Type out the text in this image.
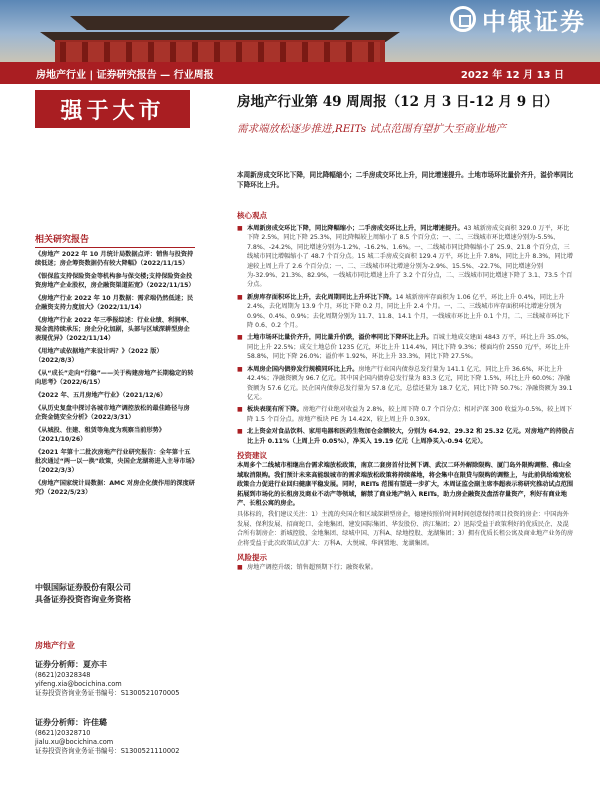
中银证券
房地产行业 | 证券研究报告 — 行业周报	2022 年 12 月 13 日
强于大市
相关研究报告
《房地产 2022 年 10 月统计局数据点评：销售与投资持续低迷；房企筹资数据仍有较大降幅》（2022/11/15）
《银保监支持保险资金等机构参与保交楼;支持保险资金投资房地产企业股权，房企融资渠道拓宽》（2022/11/15）
《房地产行业 2022 年 10 月数据：需求端仍然低迷；民企融资支持力度加大》（2022/11/14）
《房地产行业 2022 年三季报综述：行业业绩、利润率、现金流持续承压；房企分化加剧，头部与区域深耕型房企表现优异》（2022/11/14）
《用地产或依据地产来设计吗？》（2022 版）（2022/8/3）
《从“成长”走向“行稳”——关于构建房地产长期稳定的转向思考》（2022/6/15）
《2022 年、五月房地产行业》（2021/12/6）
《从历史复盘中探讨各城市地产调控放松的最佳路径与房企资金链安全分析》（2022/3/31）
《从城投、住建、租赁等角度为观察当前形势》（2021/10/26）
《2021 年第十二批次房地产行业研究报告：全年第十五批次通过“两一以一换”政策，央国企龙湖将进入主导市场》（2022/3/3）
《房地产国家统计局数据：AMC 对房企化债作用的深度研究》（2022/5/23）
中银国际证券股份有限公司
具备证券投资咨询业务资格
房地产行业
证券分析师：夏亦丰
(8621)20328348
yifeng.xia@bocichina.com
证券投资咨询业务证书编号：S1300521070005
证券分析师：许佳璐
(8621)20328710
jialu.xu@bocichina.com
证券投资咨询业务证书编号：S1300521110002
房地产行业第 49 周周报（12 月 3 日-12 月 9 日）
需求端放松逐步推进,REITs 试点范围有望扩大至商业地产
本周新房成交环比下降，同比降幅缩小；二手房成交环比上升，同比增速提升。土地市场环比量价齐升，溢价率同比下降环比上升。
核心观点
■ 本周新房成交环比下降，同比降幅缩小；二手房成交环比上升，同比增速提升。43 城新房成交面积 329.0 万平，环比下降 2.5%，同比下降 25.3%，同比降幅较上周缩小了 8.5 个百分点；一、二、三线城市环比增速分别为-5.5%、7.8%、-24.2%，同比增速分别为-1.2%、-16.2%、1.6%。一、二线城市同比降幅缩小了 25.9、21.8 个百分点，三线城市同比增幅缩小了 48.7 个百分点。15 城二手房成交面积 129.4 万平，环比上升 7.8%，同比上升 8.3%，同比增速较上周上升了 2.6 个百分点；一、二、三线城市环比增速分别为-2.9%、15.5%、-22.7%，同比增速分别为-32.9%、21.3%、82.9%，一线城市同比增速上升了 3.2 个百分点，二、三线城市同比增速下降了 3.1、73.5 个百分点。
■ 新房库存面积环比上升，去化周期同比上升环比下降。14 城新房库存面积为 1.06 亿平，环比上升 0.4%，同比上升 2.4%，去化周期为 13.9 个月，环比下降 0.2 月，同比上升 2.4 个月。一、二、三线城市库存面积环比增速分别为 0.9%、0.4%、0.9%；去化周期分别为 11.7、11.8、14.1 个月，一线城市环比上升 0.1 个月，二、三线城市环比下降 0.6、0.2 个月。
■ 土地市场环比量价齐升，同比量升价跌，溢价率同比下降环比上升。百城土地成交建面 4843 万平，环比上升 35.0%，同比上升 22.5%；成交土地总价 1235 亿元，环比上升 114.4%，同比下降 9.3%；楼面均价 2550 元/平，环比上升 58.8%，同比下降 26.0%；溢价率 1.92%，环比上升 33.3%，同比下降 27.5%。
■ 本周房企国内债券发行规模同环比上升。房地产行业国内债券总发行量为 141.1 亿元，同比上升 36.6%，环比上升 42.4%；净融资额为 96.7 亿元。其中国企国内债券总发行量为 83.3 亿元，同比下降 1.5%，环比上升 60.0%；净融资额为 57.6 亿元。民企国内债券总发行量为 57.8 亿元，总偿还量为 18.7 亿元，同比下降 50.7%；净融资额为 39.1 亿元。
■ 板块表现有所下降。房地产行业绝对收益为 2.8%，较上周下降 0.7 个百分点；相对沪深 300 收益为-0.5%，较上周下降 1.5 个百分点。房地产板块 PE 为 14.42X，较上周上升 0.39X。
■ 北上资金对食品饮料、家用电器和医药生物加仓金额较大，分别为 64.92、29.32 和 25.32 亿元。对房地产的持股占比上升 0.11%（上周上升 0.05%），净买入 19.19 亿元（上周净买入-0.94 亿元）。
投资建议
本周多个二线城市相继出台需求端放松政策，南京二套房首付比例下调、武汉二环外解除限购、厦门岛外限购调整、佛山全域取消限购。我们预计未来高能级城市的需求端放松政策将持续落地，将会集中在限贷与限购的调整上，与此前供给端宽松政策合力促进行业回归健康平稳发展。同时，REITs 范围有望进一步扩大，本周证监会副主席李超表示将研究推动试点范围拓展到市场化的长租房及商业不动产等领域，解禁了商业地产纳入 REITs，助力房企融资及盘活存量资产，利好有商业地产、长租公寓的房企。
具体标的，我们建议关注：1）主流的央国企和区域深耕型房企，德建按照价时间时间创意保持项目投资的房企：中国海外发展、保利发展、招商蛇口、金地集团、建发国际集团、华发股份、滨江集团；2）迅际受益于政策利好的优质民企、及混合所有制房企：新城控股、金地集团、绿城中国、万科A、绿地控股、龙湖集团；3）拥有优质长租公寓及商业地产业务的房企将受益于此次政策试点扩大：万科A、大悦城、华润置地、龙湖集团。
风险提示
■ 房地产调控升级；销售超预期下行；融资收紧。
